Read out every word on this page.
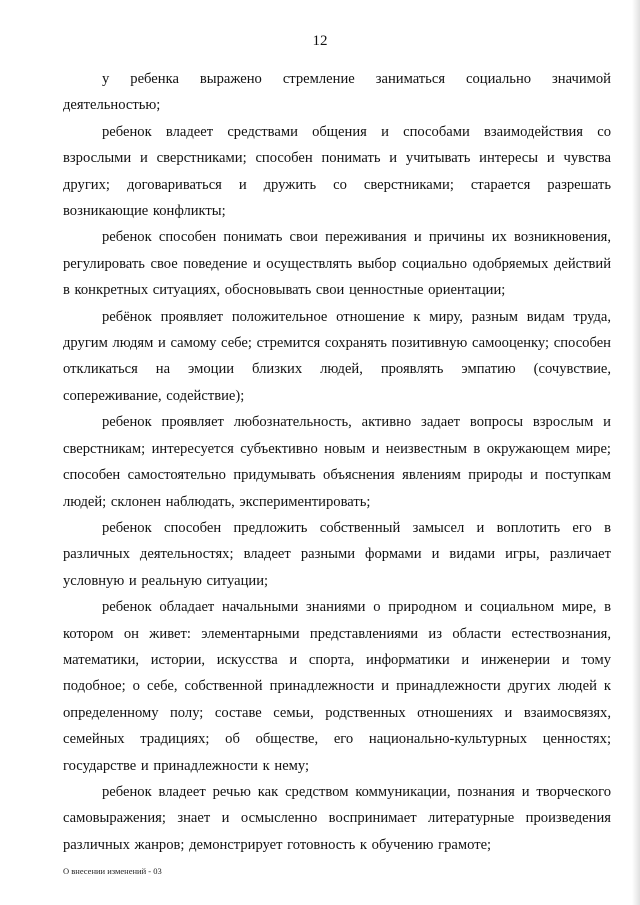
12

у ребенка выражено стремление заниматься социально значимой деятельностью;

ребенок владеет средствами общения и способами взаимодействия со взрослыми и сверстниками; способен понимать и учитывать интересы и чувства других; договариваться и дружить со сверстниками; старается разрешать возникающие конфликты;

ребенок способен понимать свои переживания и причины их возникновения, регулировать свое поведение и осуществлять выбор социально одобряемых действий в конкретных ситуациях, обосновывать свои ценностные ориентации;

ребёнок проявляет положительное отношение к миру, разным видам труда, другим людям и самому себе; стремится сохранять позитивную самооценку; способен откликаться на эмоции близких людей, проявлять эмпатию (сочувствие, сопереживание, содействие);

ребенок проявляет любознательность, активно задает вопросы взрослым и сверстникам; интересуется субъективно новым и неизвестным в окружающем мире; способен самостоятельно придумывать объяснения явлениям природы и поступкам людей; склонен наблюдать, экспериментировать;

ребенок способен предложить собственный замысел и воплотить его в различных деятельностях; владеет разными формами и видами игры, различает условную и реальную ситуации;

ребенок обладает начальными знаниями о природном и социальном мире, в котором он живет: элементарными представлениями из области естествознания, математики, истории, искусства и спорта, информатики и инженерии и тому подобное; о себе, собственной принадлежности и принадлежности других людей к определенному полу; составе семьи, родственных отношениях и взаимосвязях, семейных традициях; об обществе, его национально-культурных ценностях; государстве и принадлежности к нему;

ребенок владеет речью как средством коммуникации, познания и творческого самовыражения; знает и осмысленно воспринимает литературные произведения различных жанров; демонстрирует готовность к обучению грамоте;

О внесении изменений - 03
